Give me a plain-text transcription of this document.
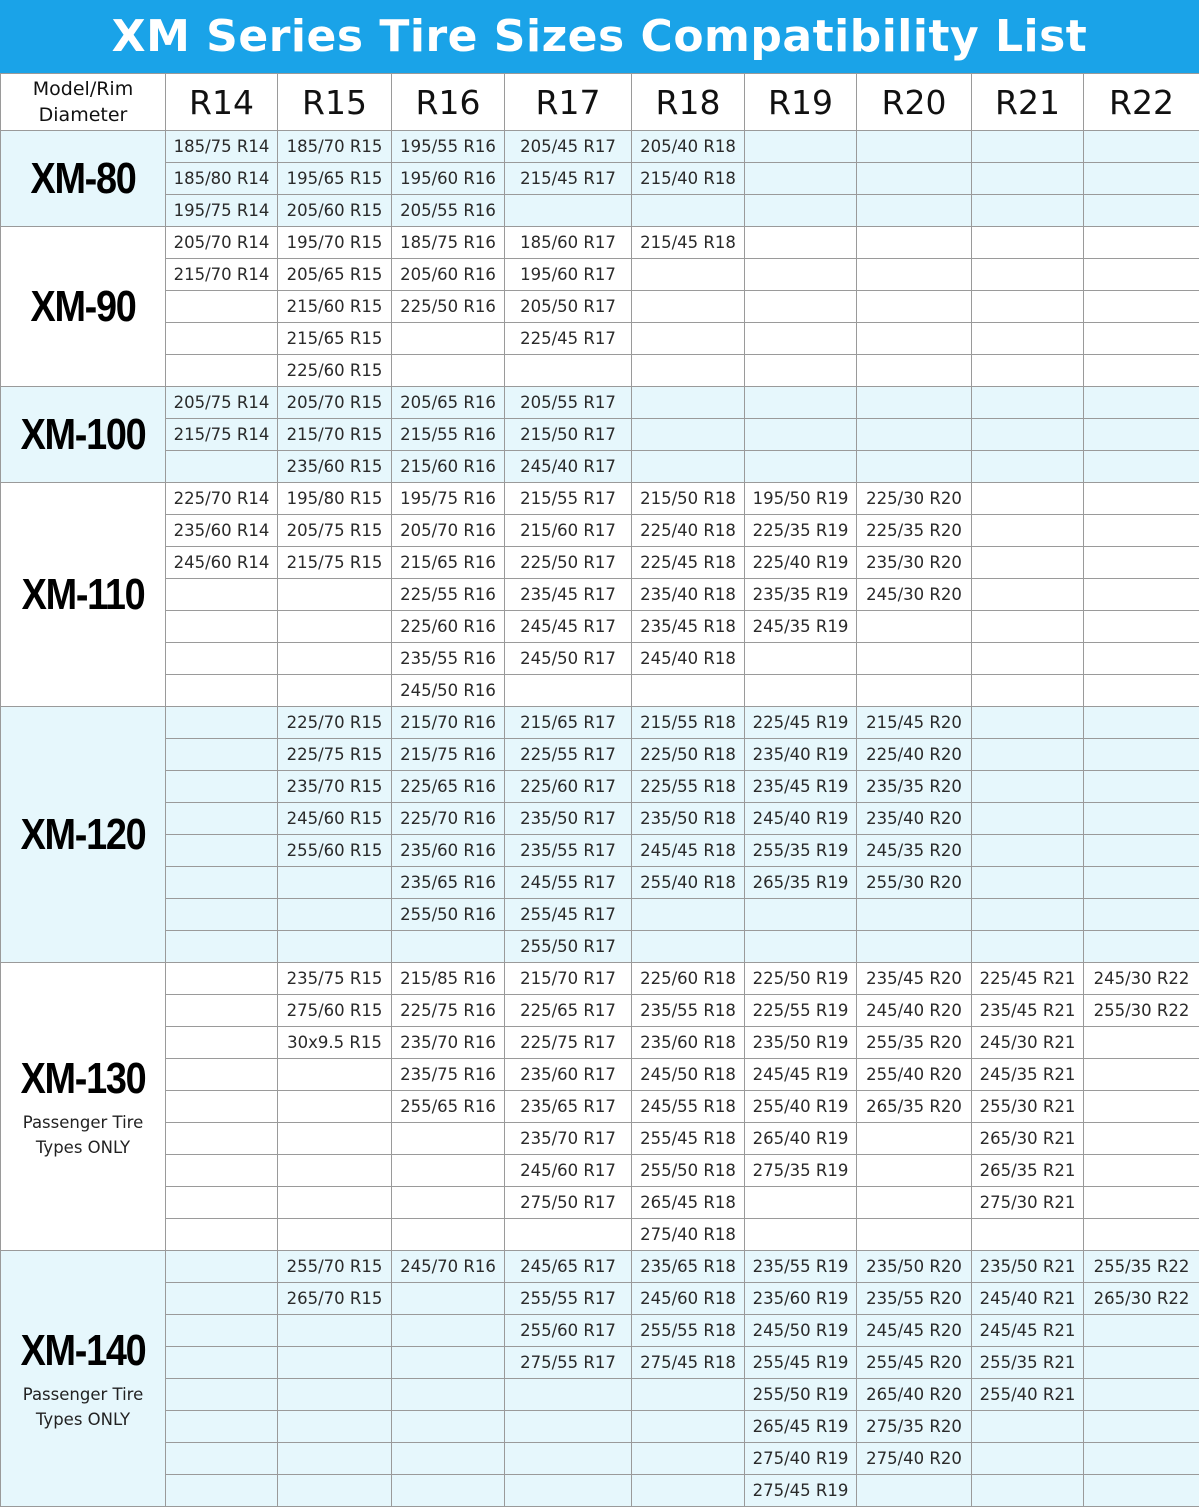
XM Series Tire Sizes Compatibility List
Model/Rim
Diameter	R14	R15	R16	R17	R18	R19	R20	R21	R22

XM-80	185/75 R14	185/70 R15	195/55 R16	205/45 R17	205/40 R18				
	185/80 R14	195/65 R15	195/60 R16	215/45 R17	215/40 R18				
	195/75 R14	205/60 R15	205/55 R16						

XM-90	205/70 R14	195/70 R15	185/75 R16	185/60 R17	215/45 R18				
	215/70 R14	205/65 R15	205/60 R16	195/60 R17					
		215/60 R15	225/50 R16	205/50 R17					
		215/65 R15		225/45 R17					
		225/60 R15							

XM-100	205/75 R14	205/70 R15	205/65 R16	205/55 R17					
	215/75 R14	215/70 R15	215/55 R16	215/50 R17					
		235/60 R15	215/60 R16	245/40 R17					

XM-110	225/70 R14	195/80 R15	195/75 R16	215/55 R17	215/50 R18	195/50 R19	225/30 R20		
	235/60 R14	205/75 R15	205/70 R16	215/60 R17	225/40 R18	225/35 R19	225/35 R20		
	245/60 R14	215/75 R15	215/65 R16	225/50 R17	225/45 R18	225/40 R19	235/30 R20		
			225/55 R16	235/45 R17	235/40 R18	235/35 R19	245/30 R20		
			225/60 R16	245/45 R17	235/45 R18	245/35 R19			
			235/55 R16	245/50 R17	245/40 R18				
			245/50 R16						

XM-120		225/70 R15	215/70 R16	215/65 R17	215/55 R18	225/45 R19	215/45 R20		
		225/75 R15	215/75 R16	225/55 R17	225/50 R18	235/40 R19	225/40 R20		
		235/70 R15	225/65 R16	225/60 R17	225/55 R18	235/45 R19	235/35 R20		
		245/60 R15	225/70 R16	235/50 R17	235/50 R18	245/40 R19	235/40 R20		
		255/60 R15	235/60 R16	235/55 R17	245/45 R18	255/35 R19	245/35 R20		
			235/65 R16	245/55 R17	255/40 R18	265/35 R19	255/30 R20		
			255/50 R16	255/45 R17					
				255/50 R17					

XM-130
Passenger Tire
Types ONLY		235/75 R15	215/85 R16	215/70 R17	225/60 R18	225/50 R19	235/45 R20	225/45 R21	245/30 R22
		275/60 R15	225/75 R16	225/65 R17	235/55 R18	225/55 R19	245/40 R20	235/45 R21	255/30 R22
		30x9.5 R15	235/70 R16	225/75 R17	235/60 R18	235/50 R19	255/35 R20	245/30 R21	
			235/75 R16	235/60 R17	245/50 R18	245/45 R19	255/40 R20	245/35 R21	
			255/65 R16	235/65 R17	245/55 R18	255/40 R19	265/35 R20	255/30 R21	
				235/70 R17	255/45 R18	265/40 R19		265/30 R21	
				245/60 R17	255/50 R18	275/35 R19		265/35 R21	
				275/50 R17	265/45 R18			275/30 R21	
					275/40 R18				

XM-140
Passenger Tire
Types ONLY		255/70 R15	245/70 R16	245/65 R17	235/65 R18	235/55 R19	235/50 R20	235/50 R21	255/35 R22
		265/70 R15		255/55 R17	245/60 R18	235/60 R19	235/55 R20	245/40 R21	265/30 R22
				255/60 R17	255/55 R18	245/50 R19	245/45 R20	245/45 R21	
				275/55 R17	275/45 R18	255/45 R19	255/45 R20	255/35 R21	
						255/50 R19	265/40 R20	255/40 R21	
						265/45 R19	275/35 R20		
						275/40 R19	275/40 R20		
						275/45 R19			
